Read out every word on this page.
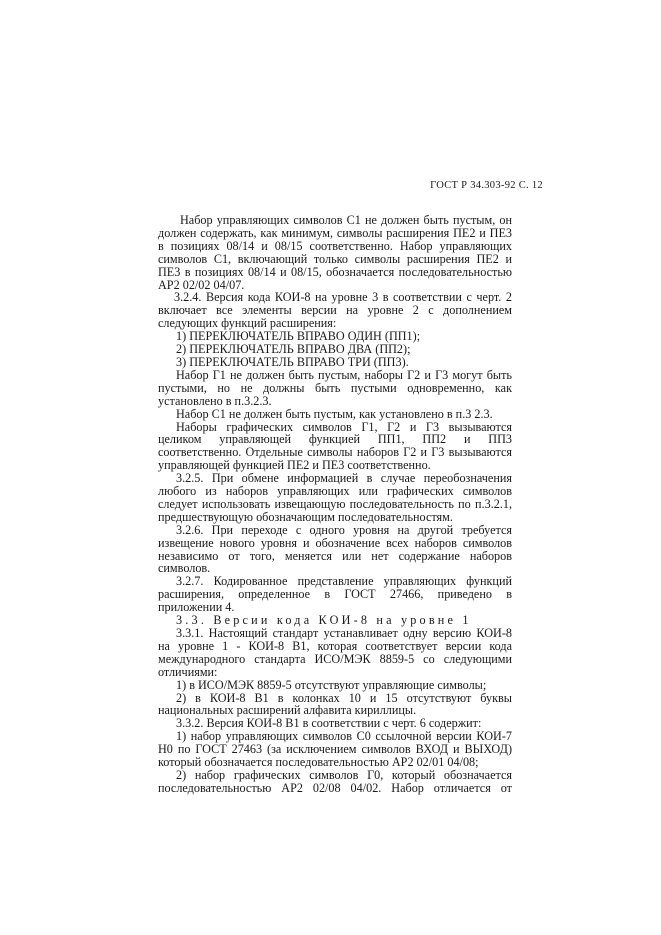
ГОСТ Р 34.303-92 С. 12

Набор управляющих символов С1 не должен быть пустым, он

должен содержать, как минимум, символы расширения ПЕ2 и ПЕ3

в позициях 08/14 и 08/15 соответственно. Набор управляющих

символов С1, включающий только символы расширения ПЕ2 и

ПЕ3 в позициях 08/14 и 08/15, обозначается последовательностью

АР2 02/02 04/07.

3.2.4. Версия кода КОИ-8 на уровне 3 в соответствии с черт. 2

включает все элементы версии на уровне 2 с дополнением

следующих функций расширения:

1) ПЕРЕКЛЮЧАТЕЛЬ ВПРАВО ОДИН (ПП1);

2) ПЕРЕКЛЮЧАТЕЛЬ ВПРАВО ДВА (ПП2);

3) ПЕРЕКЛЮЧАТЕЛЬ ВПРАВО ТРИ (ПП3).

Набор Г1 не должен быть пустым, наборы Г2 и Г3 могут быть

пустыми, но не должны быть пустыми одновременно, как

установлено в п.3.2.3.

Набор С1 не должен быть пустым, как установлено в п.3 2.3.

Наборы графических символов Г1, Г2 и Г3 вызываются

целиком управляющей функцией ПП1, ПП2 и ПП3

соответственно. Отдельные символы наборов Г2 и Г3 вызываются

управляющей функцией ПЕ2 и ПЕ3 соответственно.

3.2.5. При обмене информацией в случае переобозначения

любого из наборов управляющих или графических символов

следует использовать извещающую последовательность по п.3.2.1,

предшествующую обозначающим последовательностям.

3.2.6. При переходе с одного уровня на другой требуется

извещение нового уровня и обозначение всех наборов символов

независимо от того, меняется или нет содержание наборов

символов.

3.2.7. Кодированное представление управляющих функций

расширения, определенное в ГОСТ 27466, приведено в

приложении 4.

3.3. Версии кода КОИ-8 на уровне 1

3.3.1. Настоящий стандарт устанавливает одну версию КОИ-8

на уровне 1 - КОИ-8 В1, которая соответствует версии кода

международного стандарта ИСО/МЭК 8859-5 со следующими

отличиями:

1) в ИСО/МЭК 8859-5 отсутствуют управляющие символы;

2) в КОИ-8 В1 в колонках 10 и 15 отсутствуют буквы

национальных расширений алфавита кириллицы.

3.3.2. Версия КОИ-8 В1 в соответствии с черт. 6 содержит:

1) набор управляющих символов С0 ссылочной версии КОИ-7

Н0 по ГОСТ 27463 (за исключением символов ВХОД и ВЫХОД)

который обозначается последовательностью АР2 02/01 04/08;

2) набор графических символов Г0, который обозначается

последовательностью АР2 02/08 04/02. Набор отличается от
